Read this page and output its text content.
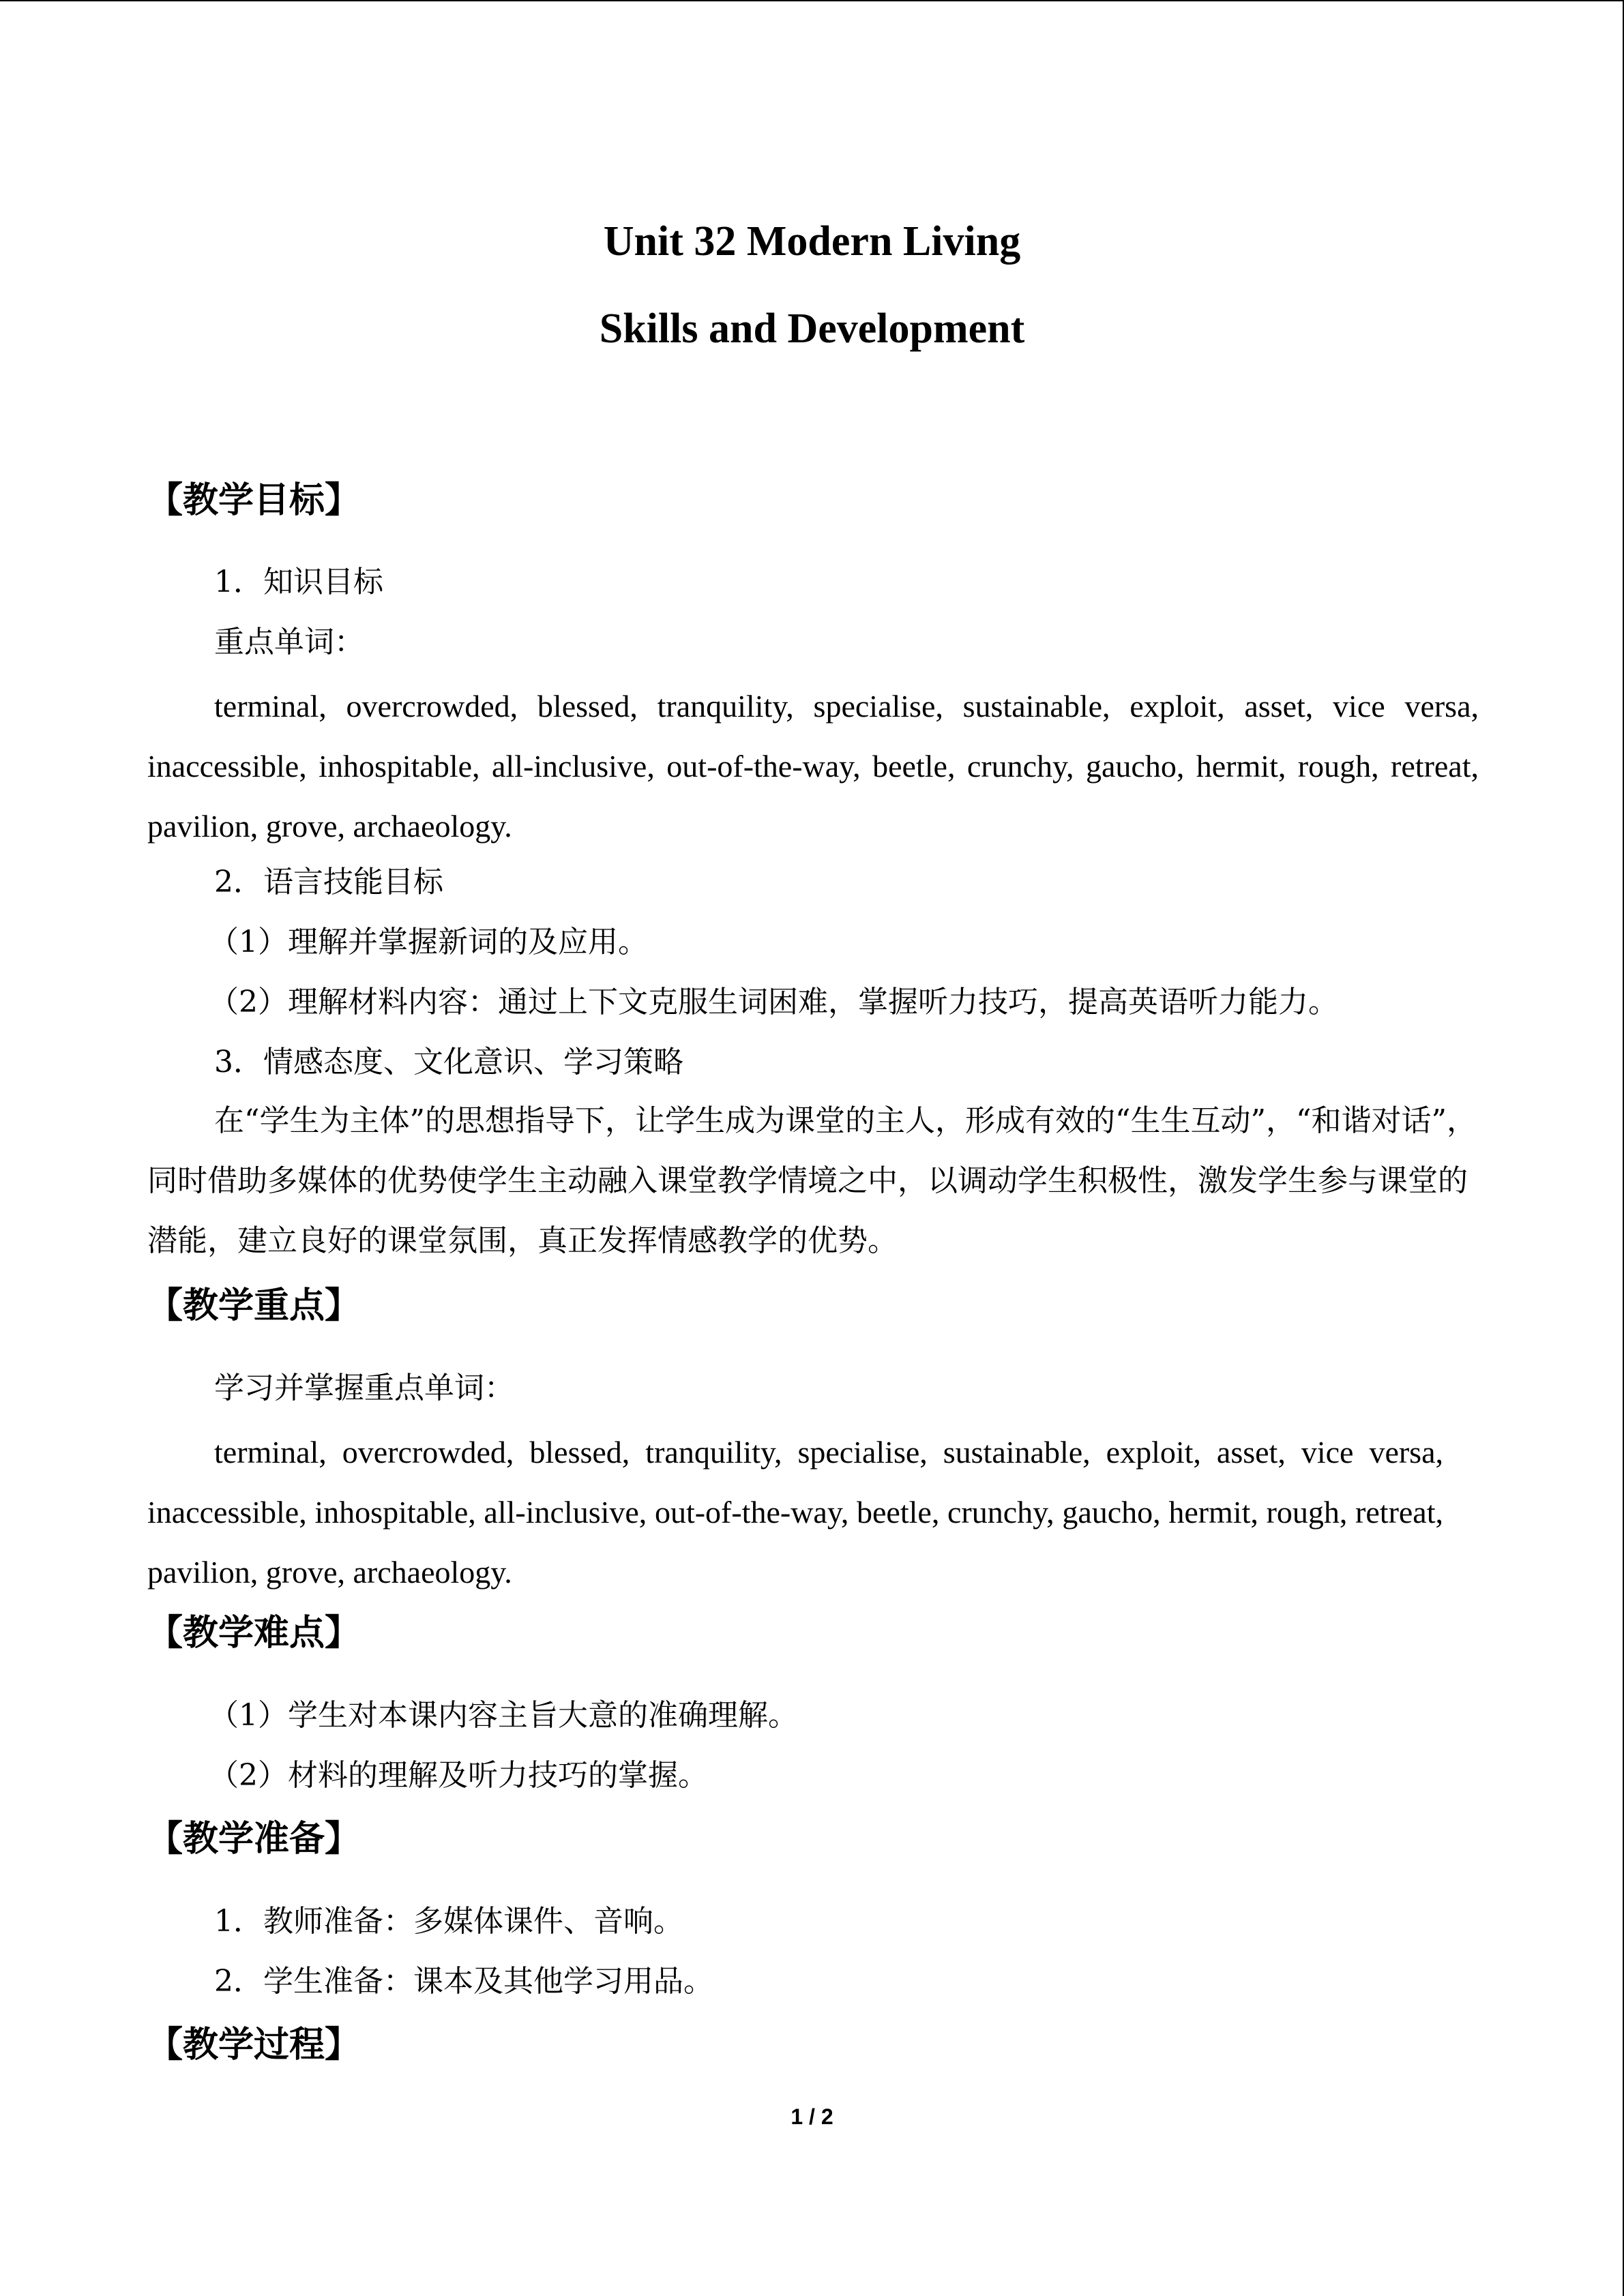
Unit 32 Modern Living
Skills and Development
【教学目标】
1．知识目标
重点单词：

terminal, overcrowded, blessed, tranquility, specialise, sustainable, exploit, asset, vice versa, inaccessible, inhospitable, all-inclusive, out-of-the-way, beetle, crunchy, gaucho, hermit, rough, retreat, pavilion, grove, archaeology.

2．语言技能目标
（1）理解并掌握新词的及应用。
（2）理解材料内容：通过上下文克服生词困难，掌握听力技巧，提高英语听力能力。
3．情感态度、文化意识、学习策略

在“学生为主体”的思想指导下，让学生成为课堂的主人，形成有效的“生生互动”，“和谐对话”，同时借助多媒体的优势使学生主动融入课堂教学情境之中，以调动学生积极性，激发学生参与课堂的潜能，建立良好的课堂氛围，真正发挥情感教学的优势。

【教学重点】
学习并掌握重点单词：

terminal, overcrowded, blessed, tranquility, specialise, sustainable, exploit, asset, vice versa, inaccessible, inhospitable, all-inclusive, out-of-the-way, beetle, crunchy, gaucho, hermit, rough, retreat, pavilion, grove, archaeology.

【教学难点】
（1）学生对本课内容主旨大意的准确理解。
（2）材料的理解及听力技巧的掌握。
【教学准备】
1．教师准备：多媒体课件、音响。
2．学生准备：课本及其他学习用品。
【教学过程】
1 / 2
